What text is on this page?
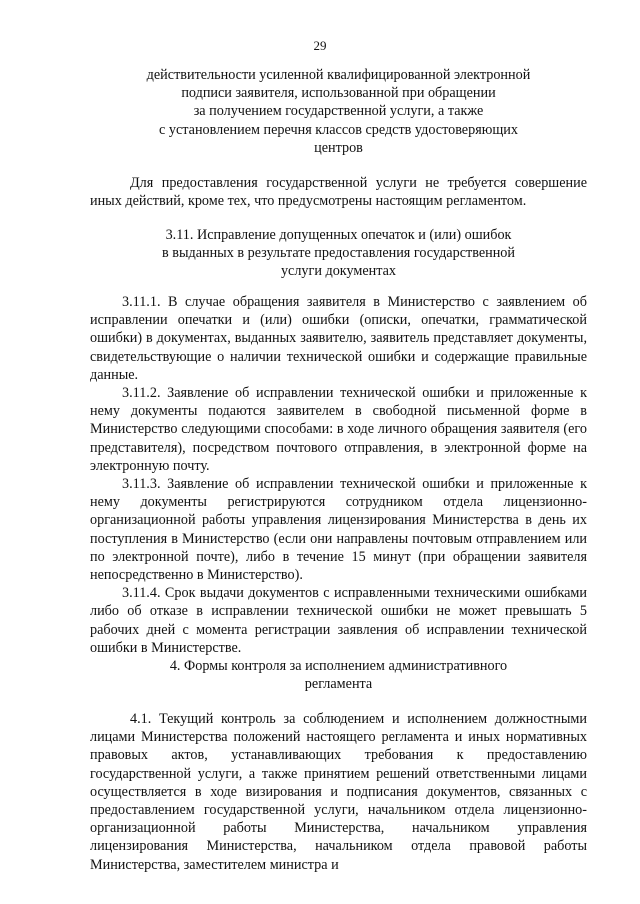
29
действительности усиленной квалифицированной электронной
подписи заявителя, использованной при обращении
за получением государственной услуги, а также
с установлением перечня классов средств удостоверяющих
центров

Для предоставления государственной услуги не требуется совершение иных действий, кроме тех, что предусмотрены настоящим регламентом.

3.11. Исправление допущенных опечаток и (или) ошибок
в выданных в результате предоставления государственной
услуги документах

3.11.1. В случае обращения заявителя в Министерство с заявлением об исправлении опечатки и (или) ошибки (описки, опечатки, грамматической ошибки) в документах, выданных заявителю, заявитель представляет документы, свидетельствующие о наличии технической ошибки и содержащие правильные данные.

3.11.2. Заявление об исправлении технической ошибки и приложенные к нему документы подаются заявителем в свободной письменной форме в Министерство следующими способами: в ходе личного обращения заявителя (его представителя), посредством почтового отправления, в электронной форме на электронную почту.

3.11.3. Заявление об исправлении технической ошибки и приложенные к нему документы регистрируются сотрудником отдела лицензионно-организационной работы управления лицензирования Министерства в день их поступления в Министерство (если они направлены почтовым отправлением или по электронной почте), либо в течение 15 минут (при обращении заявителя непосредственно в Министерство).

3.11.4. Срок выдачи документов с исправленными техническими ошибками либо об отказе в исправлении технической ошибки не может превышать 5 рабочих дней с момента регистрации заявления об исправлении технической ошибки в Министерстве.

4. Формы контроля за исполнением административного
регламента

4.1. Текущий контроль за соблюдением и исполнением должностными лицами Министерства положений настоящего регламента и иных нормативных правовых актов, устанавливающих требования к предоставлению государственной услуги, а также принятием решений ответственными лицами осуществляется в ходе визирования и подписания документов, связанных с предоставлением государственной услуги, начальником отдела лицензионно-организационной работы Министерства, начальником управления лицензирования Министерства, начальником отдела правовой работы Министерства, заместителем министра и
